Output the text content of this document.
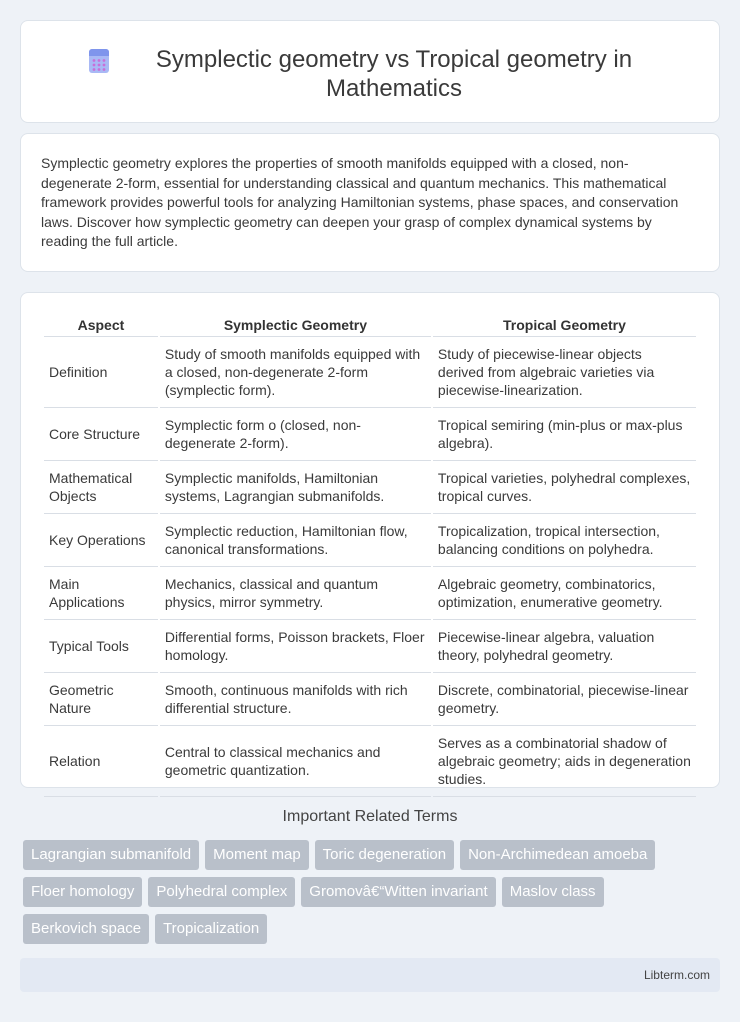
Symplectic geometry vs Tropical geometry in Mathematics

Symplectic geometry explores the properties of smooth manifolds equipped with a closed, non-degenerate 2-form, essential for understanding classical and quantum mechanics. This mathematical framework provides powerful tools for analyzing Hamiltonian systems, phase spaces, and conservation laws. Discover how symplectic geometry can deepen your grasp of complex dynamical systems by reading the full article.

Aspect	Symplectic Geometry	Tropical Geometry
Definition	Study of smooth manifolds equipped with a closed, non-degenerate 2-form (symplectic form).	Study of piecewise-linear objects derived from algebraic varieties via piecewise-linearization.
Core Structure	Symplectic form ο (closed, non-degenerate 2-form).	Tropical semiring (min-plus or max-plus algebra).
Mathematical Objects	Symplectic manifolds, Hamiltonian systems, Lagrangian submanifolds.	Tropical varieties, polyhedral complexes, tropical curves.
Key Operations	Symplectic reduction, Hamiltonian flow, canonical transformations.	Tropicalization, tropical intersection, balancing conditions on polyhedra.
Main Applications	Mechanics, classical and quantum physics, mirror symmetry.	Algebraic geometry, combinatorics, optimization, enumerative geometry.
Typical Tools	Differential forms, Poisson brackets, Floer homology.	Piecewise-linear algebra, valuation theory, polyhedral geometry.
Geometric Nature	Smooth, continuous manifolds with rich differential structure.	Discrete, combinatorial, piecewise-linear geometry.
Relation	Central to classical mechanics and geometric quantization.	Serves as a combinatorial shadow of algebraic geometry; aids in degeneration studies.
Important Related Terms
Lagrangian submanifold	Moment map	Toric degeneration	Non-Archimedean amoeba
Floer homology	Polyhedral complex	Gromovâ€“Witten invariant	Maslov class
Berkovich space	Tropicalization
Libterm.com
